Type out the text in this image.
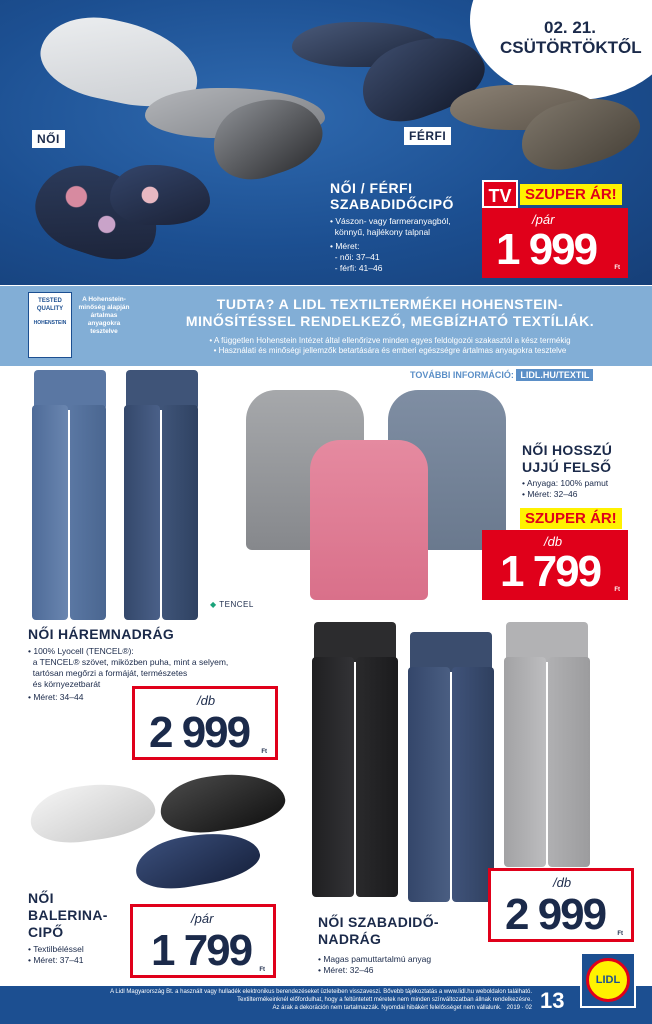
02. 21.
CSÜTÖRTÖKTŐL
NŐI	FÉRFI
NŐI / FÉRFI
SZABADIDŐCIPŐ
• Vászon- vagy farmeranyagból,
könnyű, hajlékony talpпal
• Méret:
- női: 37–41
- férfi: 41–46
TV SZUPER ÁR!
/pár
1 999	Ft
TESTED
QUALITY
HOHENSTEIN
A Hohenstein-minőség alapján ártalmas anyagokra tesztelve
TUDTA? A LIDL TEXTILTERMÉKEI HOHENSTEIN-
MINŐSÍTÉSSEL RENDELKEZŐ, MEGBÍZHATÓ TEXTÍLIÁK.
• A független Hohenstein Intézet által ellenőrizve minden egyes feldolgozói szakasztól a kész termékig
• Használati és minőségi jellemzők betartására és emberi egészségre ártalmas anyagokra tesztelve
TOVÁBBI INFORMÁCIÓ: LIDL.HU/TEXTIL
◆ TENCEL
NŐI HÁREMNADRÁG
• 100% Lyocell (TENCEL®):
a TENCEL® szövet, miközben puha, mint a selyem,
tartósan megőrzi a formáját, természetes
és környezetbarát
• Méret: 34–44	/db
2 999 Ft
NŐI HOSSZÚ
UJJÚ FELSŐ
• Anyaga: 100% pamut
• Méret: 32–46
SZUPER ÁR!
/db
1 799 Ft
NŐI
BALERINA-
CIPŐ
• Textilbéléssel
• Méret: 37–41
/pár
1 799 Ft
/db
2 999 Ft
NŐI SZABADIDŐ-
NADRÁG
• Magas pamuttartalmú anyag
• Méret: 32–46
A Lidl Magyarország Bt. a használt vagy hulladék elektronikus berendezéseket üzleteiben visszaveszi. Bővebb tájékoztatás a www.lidl.hu weboldalon található.
Textiltermékeinknél előfordulhat, hogy a feltüntetett méretek nem minden színváltozatban állnak rendelkezésre.
Az árak a dekoráción nem tartalmazzák. Nyomdai hibákért felelősséget nem vállalunk. 2019 · 02 13
LIDL
